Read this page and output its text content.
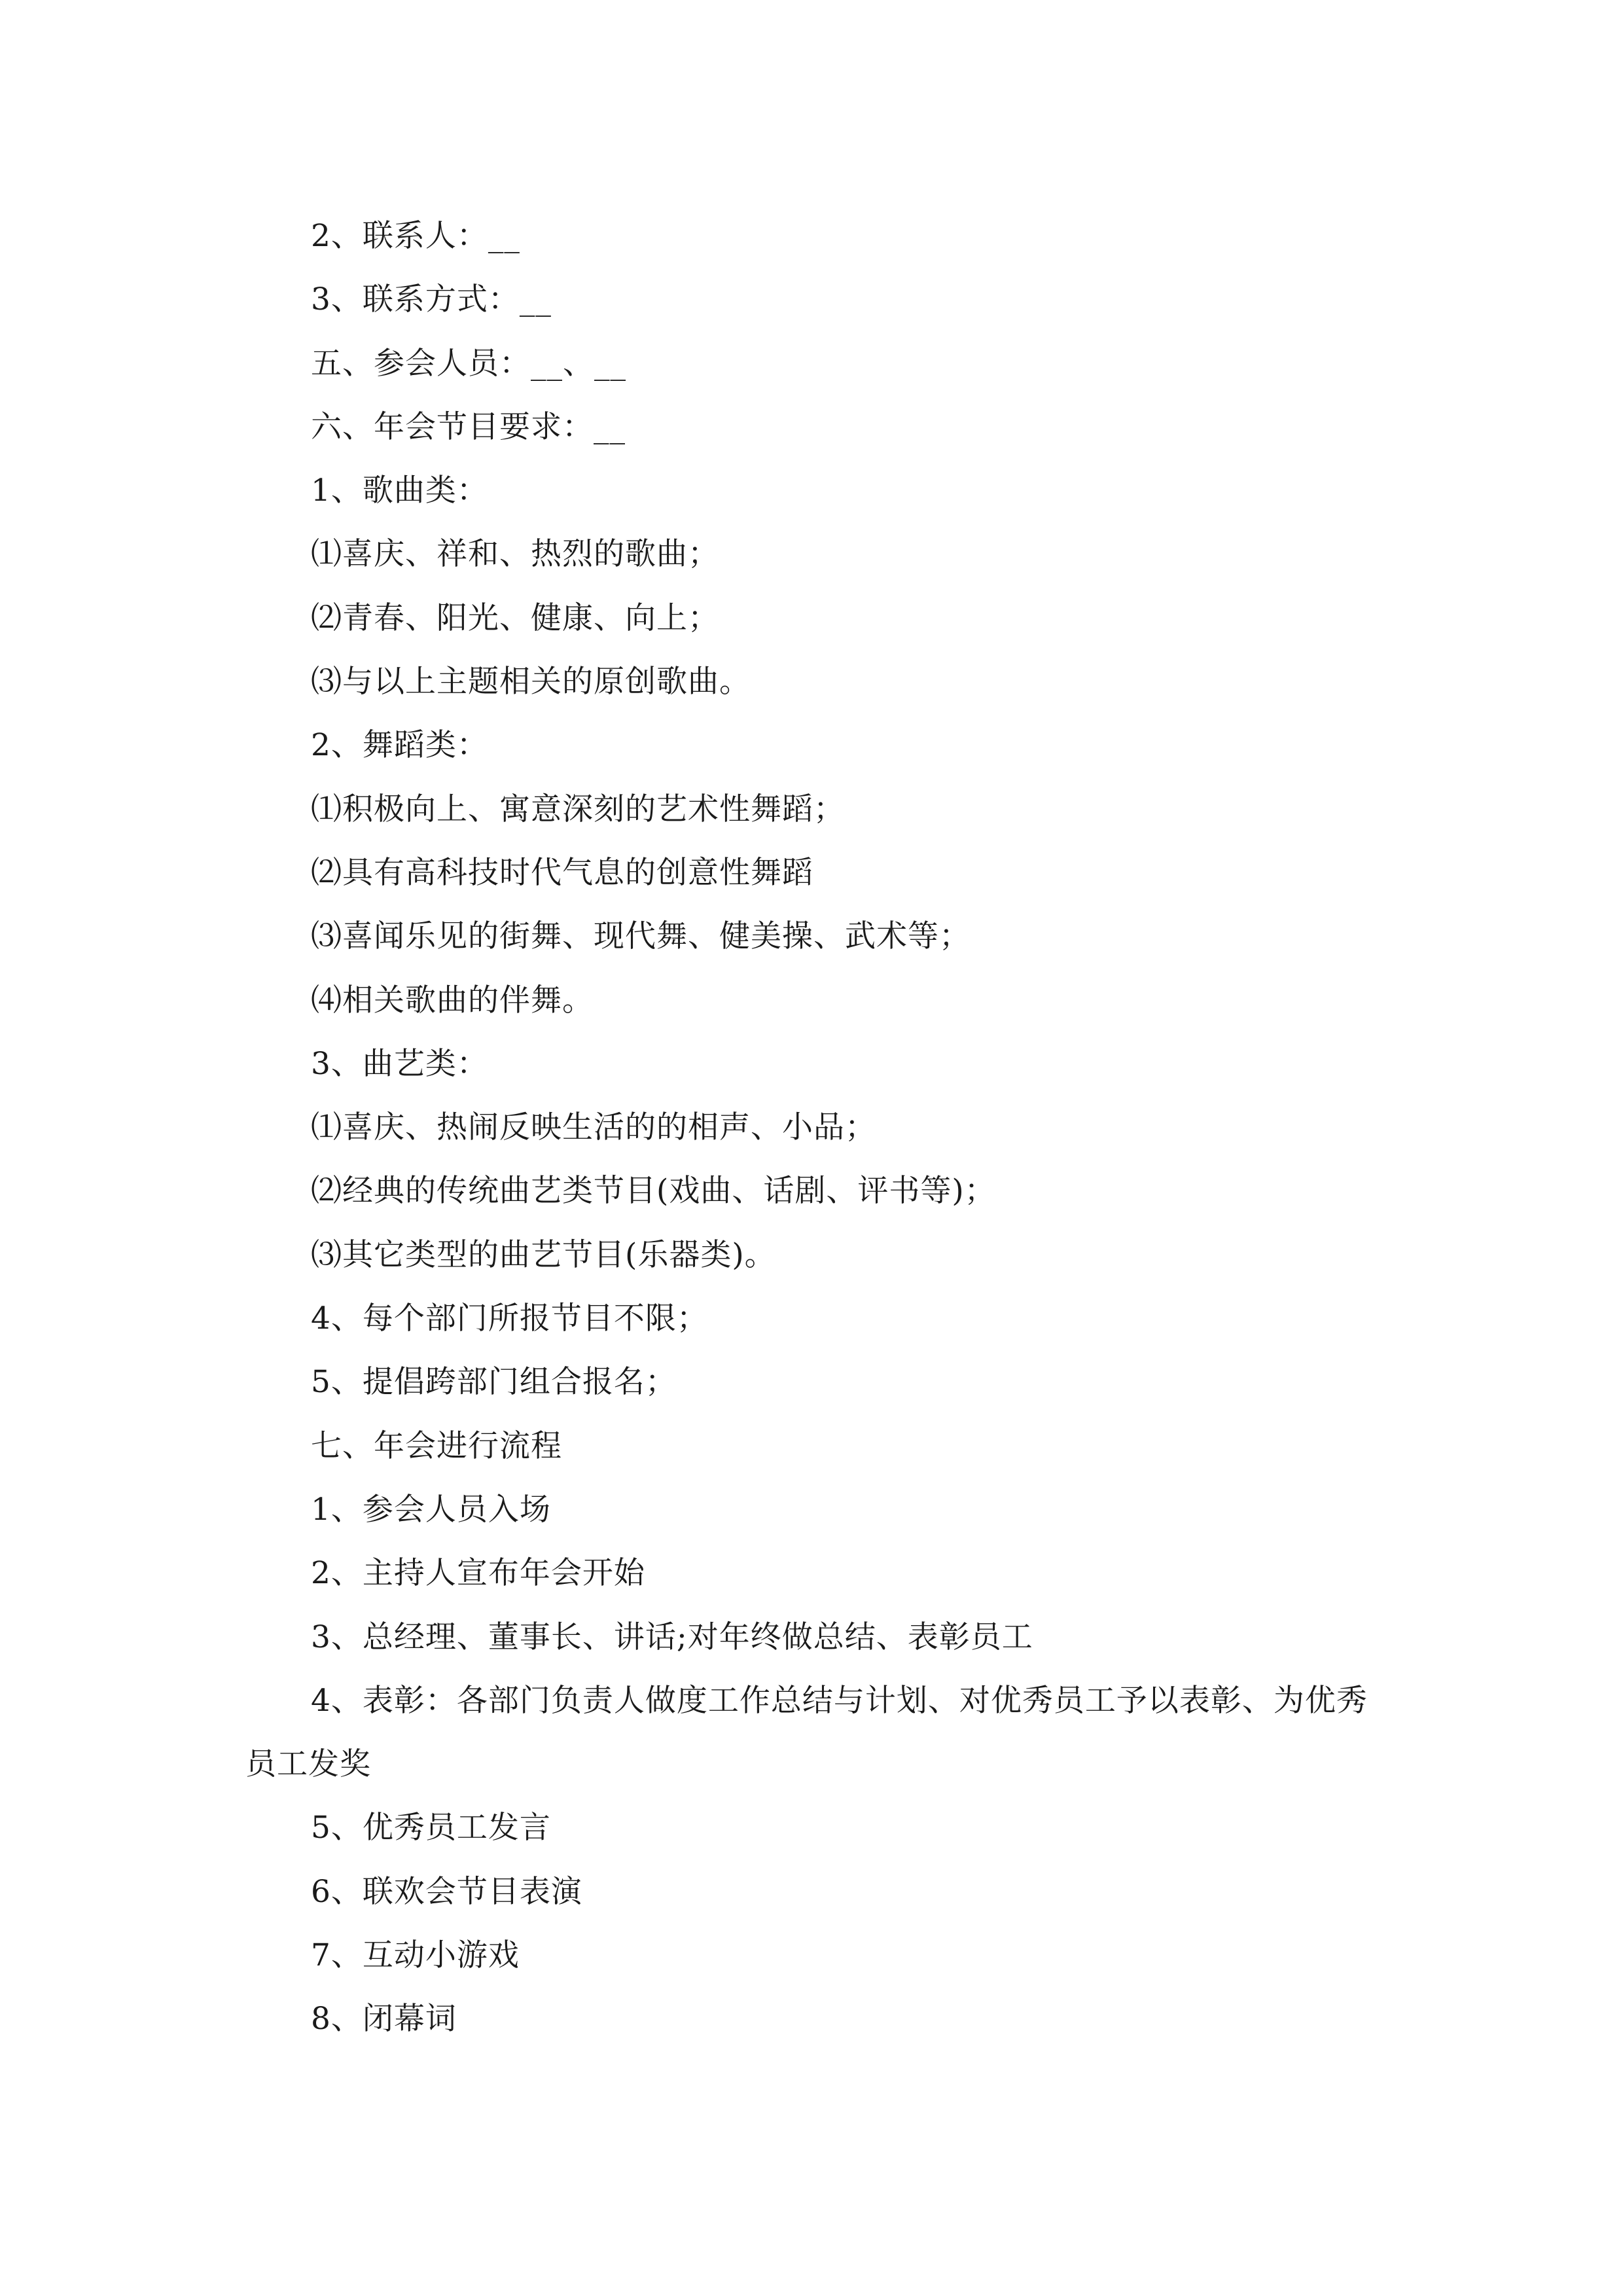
2、联系人：__
3、联系方式：__
五、参会人员：__、__
六、年会节目要求：__
1、歌曲类：
⑴喜庆、祥和、热烈的歌曲；
⑵青春、阳光、健康、向上；
⑶与以上主题相关的原创歌曲。
2、舞蹈类：
⑴积极向上、寓意深刻的艺术性舞蹈；
⑵具有高科技时代气息的创意性舞蹈
⑶喜闻乐见的街舞、现代舞、健美操、武术等；
⑷相关歌曲的伴舞。
3、曲艺类：
⑴喜庆、热闹反映生活的的相声、小品；
⑵经典的传统曲艺类节目(戏曲、话剧、评书等)；
⑶其它类型的曲艺节目(乐器类)。
4、每个部门所报节目不限；
5、提倡跨部门组合报名；
七、年会进行流程
1、参会人员入场
2、主持人宣布年会开始
3、总经理、董事长、讲话;对年终做总结、表彰员工
4、表彰：各部门负责人做度工作总结与计划、对优秀员工予以表彰、为优秀员工发奖
5、优秀员工发言
6、联欢会节目表演
7、互动小游戏
8、闭幕词
